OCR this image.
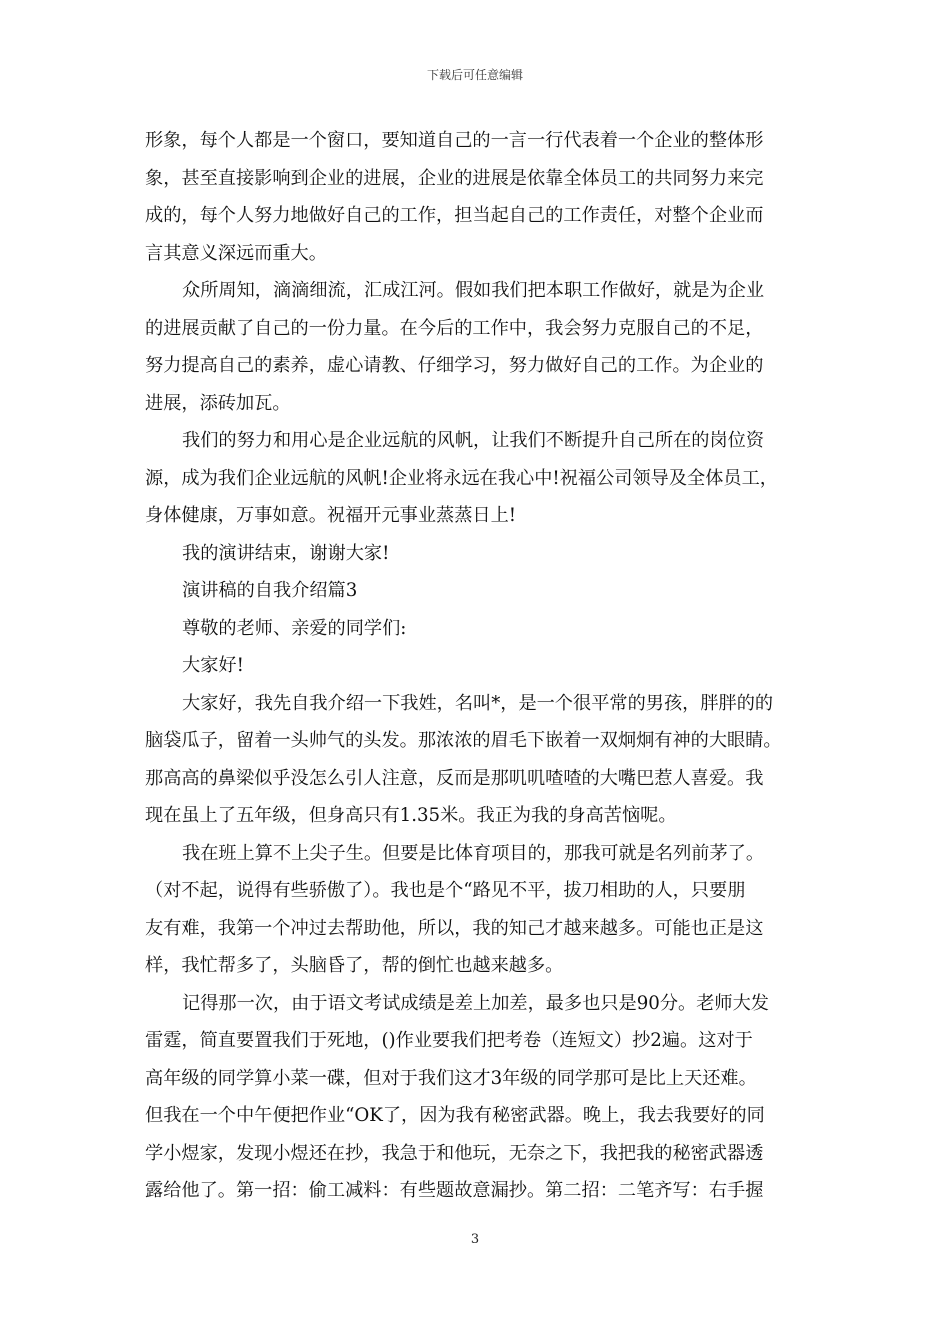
下载后可任意编辑
形象，每个人都是一个窗口，要知道自己的一言一行代表着一个企业的整体形
象，甚至直接影响到企业的进展，企业的进展是依靠全体员工的共同努力来完
成的，每个人努力地做好自己的工作，担当起自己的工作责任，对整个企业而
言其意义深远而重大。
众所周知，滴滴细流，汇成江河。假如我们把本职工作做好，就是为企业
的进展贡献了自己的一份力量。在今后的工作中，我会努力克服自己的不足，
努力提高自己的素养，虚心请教、仔细学习，努力做好自己的工作。为企业的
进展，添砖加瓦。
我们的努力和用心是企业远航的风帆，让我们不断提升自己所在的岗位资
源，成为我们企业远航的风帆!企业将永远在我心中!祝福公司领导及全体员工，
身体健康，万事如意。祝福开元事业蒸蒸日上!
我的演讲结束，谢谢大家!
演讲稿的自我介绍篇3
尊敬的老师、亲爱的同学们:
大家好!
大家好，我先自我介绍一下我姓，名叫*，是一个很平常的男孩，胖胖的的
脑袋瓜子，留着一头帅气的头发。那浓浓的眉毛下嵌着一双炯炯有神的大眼睛。
那高高的鼻梁似乎没怎么引人注意，反而是那叽叽喳喳的大嘴巴惹人喜爱。我
现在虽上了五年级，但身高只有1.35米。我正为我的身高苦恼呢。
我在班上算不上尖子生。但要是比体育项目的，那我可就是名列前茅了。
（对不起，说得有些骄傲了）。我也是个“路见不平，拔刀相助的人，只要朋
友有难，我第一个冲过去帮助他，所以，我的知己才越来越多。可能也正是这
样，我忙帮多了，头脑昏了，帮的倒忙也越来越多。
记得那一次，由于语文考试成绩是差上加差，最多也只是90分。老师大发
雷霆，简直要置我们于死地，()作业要我们把考卷（连短文）抄2遍。这对于
高年级的同学算小菜一碟，但对于我们这才3年级的同学那可是比上天还难。
但我在一个中午便把作业“OK了，因为我有秘密武器。晚上，我去我要好的同
学小煜家，发现小煜还在抄，我急于和他玩，无奈之下，我把我的秘密武器透
露给他了。第一招：偷工减料：有些题故意漏抄。第二招：二笔齐写：右手握
3
